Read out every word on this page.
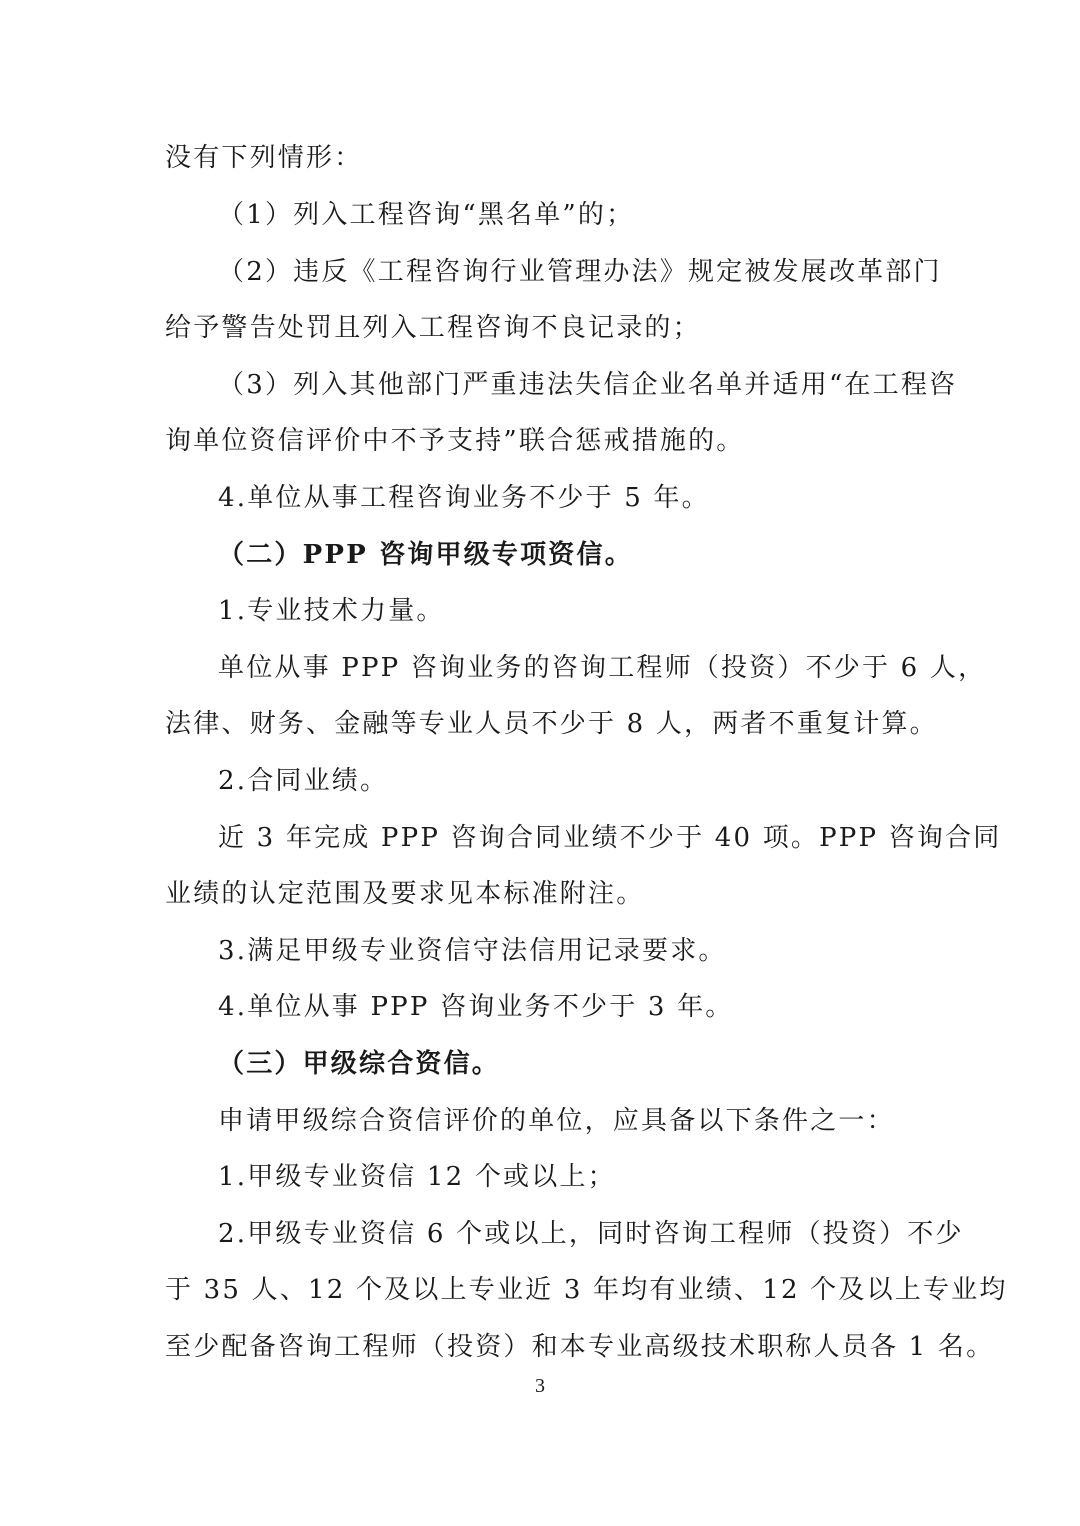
没有下列情形：
（1）列入工程咨询“黑名单”的；
（2）违反《工程咨询行业管理办法》规定被发展改革部门
给予警告处罚且列入工程咨询不良记录的；
（3）列入其他部门严重违法失信企业名单并适用“在工程咨
询单位资信评价中不予支持”联合惩戒措施的。
4.单位从事工程咨询业务不少于 5 年。
（二）PPP 咨询甲级专项资信。
1.专业技术力量。
单位从事 PPP 咨询业务的咨询工程师（投资）不少于 6 人，
法律、财务、金融等专业人员不少于 8 人，两者不重复计算。
2.合同业绩。
近 3 年完成 PPP 咨询合同业绩不少于 40 项。PPP 咨询合同
业绩的认定范围及要求见本标准附注。
3.满足甲级专业资信守法信用记录要求。
4.单位从事 PPP 咨询业务不少于 3 年。
（三）甲级综合资信。
申请甲级综合资信评价的单位，应具备以下条件之一：
1.甲级专业资信 12 个或以上；
2.甲级专业资信 6 个或以上，同时咨询工程师（投资）不少
于 35 人、12 个及以上专业近 3 年均有业绩、12 个及以上专业均
至少配备咨询工程师（投资）和本专业高级技术职称人员各 1 名。
3
